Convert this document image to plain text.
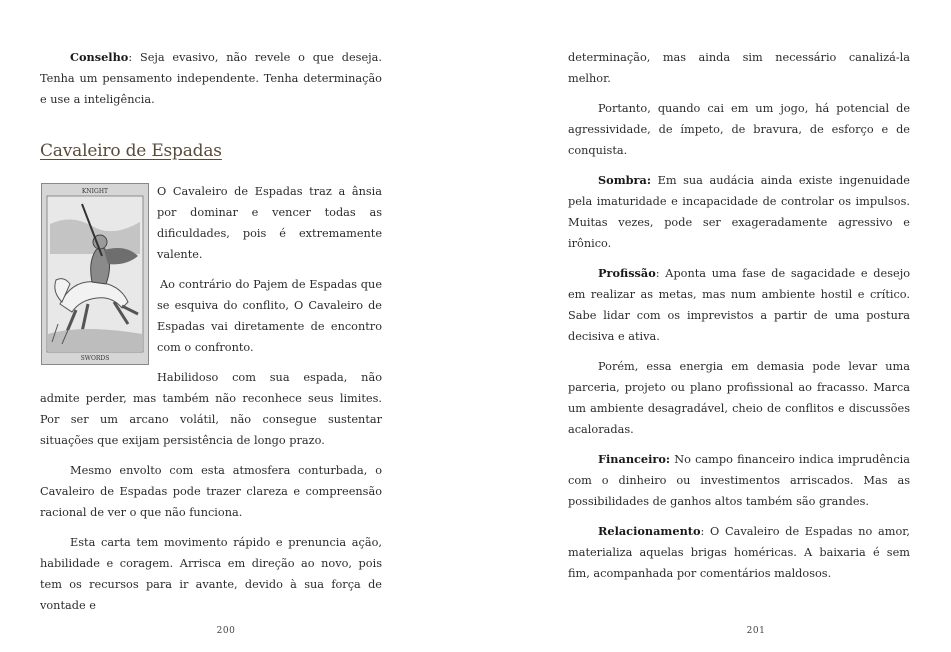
Conselho: Seja evasivo, não revele o que deseja. Tenha um pensamento independente. Tenha determinação e use a inteligência.

Cavaleiro de Espadas
KNIGHT
SWORDS

O Cavaleiro de Espadas traz a ânsia por dominar e vencer todas as dificuldades, pois é extremamente valente.

Ao contrário do Pajem de Espadas que se esquiva do conflito, O Cavaleiro de Espadas vai diretamente de encontro com o confronto.

Habilidoso com sua espada, não admite perder, mas também não reconhece seus limites. Por ser um arcano volátil, não consegue sustentar situações que exijam persistência de longo prazo.

Mesmo envolto com esta atmosfera conturbada, o Cavaleiro de Espadas pode trazer clareza e compreensão racional de ver o que não funciona.

Esta carta tem movimento rápido e prenuncia ação, habilidade e coragem. Arrisca em direção ao novo, pois tem os recursos para ir avante, devido à sua força de vontade e

200

determinação, mas ainda sim necessário canalizá-la melhor.

Portanto, quando cai em um jogo, há potencial de agressividade, de ímpeto, de bravura, de esforço e de conquista.

Sombra: Em sua audácia ainda existe ingenuidade pela imaturidade e incapacidade de controlar os impulsos. Muitas vezes, pode ser exageradamente agressivo e irônico.

Profissão: Aponta uma fase de sagacidade e desejo em realizar as metas, mas num ambiente hostil e crítico. Sabe lidar com os imprevistos a partir de uma postura decisiva e ativa.

Porém, essa energia em demasia pode levar uma parceria, projeto ou plano profissional ao fracasso. Marca um ambiente desagradável, cheio de conflitos e discussões acaloradas.

Financeiro: No campo financeiro indica imprudência com o dinheiro ou investimentos arriscados. Mas as possibilidades de ganhos altos também são grandes.

Relacionamento: O Cavaleiro de Espadas no amor, materializa aquelas brigas homéricas. A baixaria é sem fim, acompanhada por comentários maldosos.

201
